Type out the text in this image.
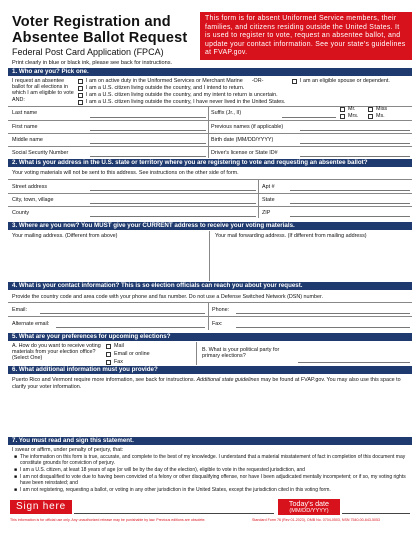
Voter Registration and
Absentee Ballot Request
Federal Post Card Application (FPCA)
This form is for absent Uniformed Service members, their families, and citizens residing outside the United States. It is used to register to vote, request an absentee ballot, and update your contact information. See your state's guidelines at FVAP.gov.
Print clearly in blue or black ink, please see back for instructions.
1. Who are you? Pick one.
I request an absentee ballot for all elections in which I am eligible to vote AND:
I am on active duty in the Uniformed Services or Merchant Marine -OR-	I am an eligible spouse or dependent.
I am a U.S. citizen living outside the country, and I intend to return.
I am a U.S. citizen living outside the country, and my intent to return is uncertain.
I am a U.S. citizen living outside the country, I have never lived in the United States.
Last name	Suffix (Jr., II)
Mr.	Miss
Mrs.	Ms.
First name	Previous names (if applicable)
Middle name	Birth date (MM/DD/YYYY)
Social Security Number	Driver's license or State ID#
2. What is your address in the U.S. state or territory where you are registering to vote and requesting an absentee ballot?
Your voting materials will not be sent to this address. See instructions on the other side of form.
Street address	Apt #
City, town, village	State
County	ZIP
3. Where are you now? You MUST give your CURRENT address to receive your voting materials.
Your mailing address. (Different from above)	Your mail forwarding address. (If different from mailing address)
4. What is your contact information? This is so election officials can reach you about your request.
Provide the country code and area code with your phone and fax number. Do not use a Defense Switched Network (DSN) number.
Email:	Phone:
Alternate email:	Fax:
5. What are your preferences for upcoming elections?
A. How do you want to receive voting materials from your election office? (Select One)
Mail
Email or online
Fax
B. What is your political party for primary elections?
6. What additional information must you provide?
Puerto Rico and Vermont require more information, see back for instructions. Additional state guidelines may be found at FVAP.gov. You may also use this space to clarify your voter information.
7. You must read and sign this statement.
I swear or affirm, under penalty of perjury, that:
■ The information on this form is true, accurate, and complete to the best of my knowledge. I understand that a material misstatement of fact in completion of this document may constitute grounds for conviction of perjury.
■ I am a U.S. citizen, at least 18 years of age (or will be by the day of the election), eligible to vote in the requested jurisdiction, and
■ I am not disqualified to vote due to having been convicted of a felony or other disqualifying offense, nor have I been adjudicated mentally incompetent; or if so, my voting rights have been reinstated; and
■ I am not registering, requesting a ballot, or voting in any other jurisdiction in the United States, except the jurisdiction cited in this voting form.
Sign here	Today's date
(MM/DD/YYYY)
This information is for official use only. Any unauthorized release may be punishable by law. Previous editions are obsolete.	Standard Form 76 (Rev 01-2023), OMB No. 0704-0503, NSN 7540-00-643-5053
